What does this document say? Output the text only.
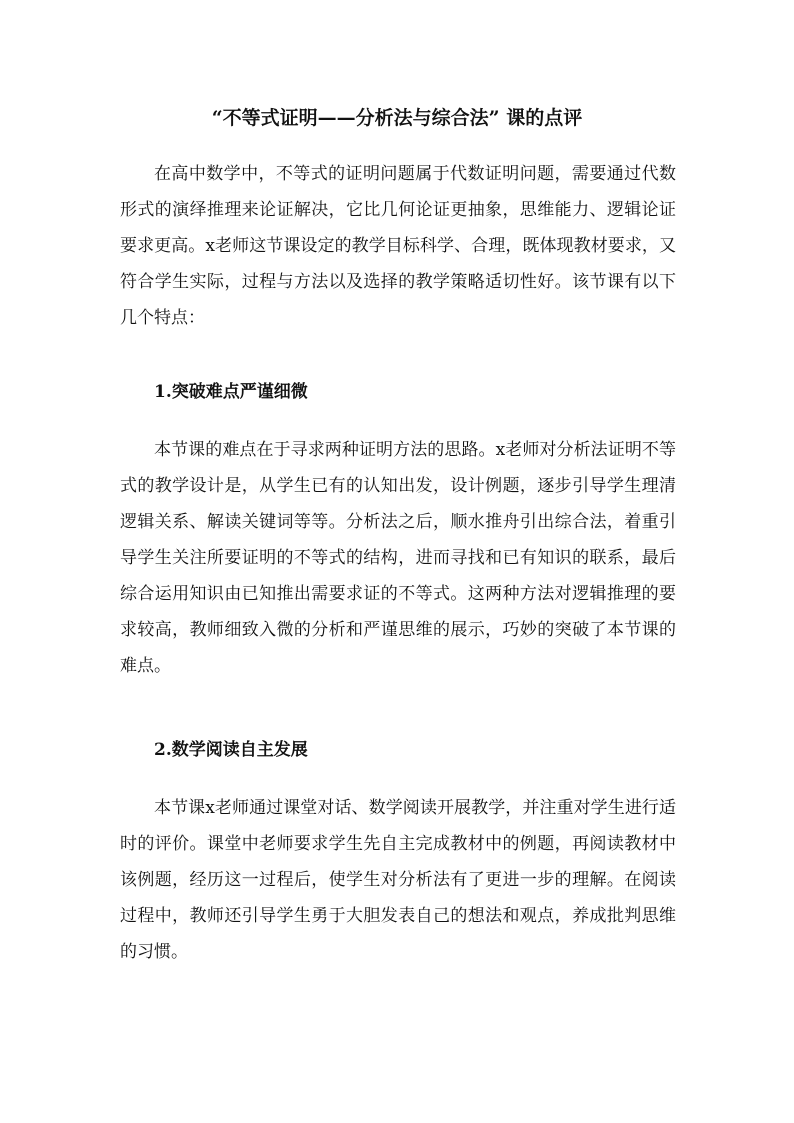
“不等式证明——分析法与综合法” 课的点评

在高中数学中，不等式的证明问题属于代数证明问题，需要通过代数形式的演绎推理来论证解决，它比几何论证更抽象，思维能力、逻辑论证要求更高。x老师这节课设定的教学目标科学、合理，既体现教材要求，又符合学生实际，过程与方法以及选择的教学策略适切性好。该节课有以下几个特点：

1.突破难点严谨细微

本节课的难点在于寻求两种证明方法的思路。x老师对分析法证明不等式的教学设计是，从学生已有的认知出发，设计例题，逐步引导学生理清逻辑关系、解读关键词等等。分析法之后，顺水推舟引出综合法，着重引导学生关注所要证明的不等式的结构，进而寻找和已有知识的联系，最后综合运用知识由已知推出需要求证的不等式。这两种方法对逻辑推理的要求较高，教师细致入微的分析和严谨思维的展示，巧妙的突破了本节课的难点。

2.数学阅读自主发展

本节课x老师通过课堂对话、数学阅读开展教学，并注重对学生进行适时的评价。课堂中老师要求学生先自主完成教材中的例题，再阅读教材中该例题，经历这一过程后，使学生对分析法有了更进一步的理解。在阅读过程中，教师还引导学生勇于大胆发表自己的想法和观点，养成批判思维的习惯。
